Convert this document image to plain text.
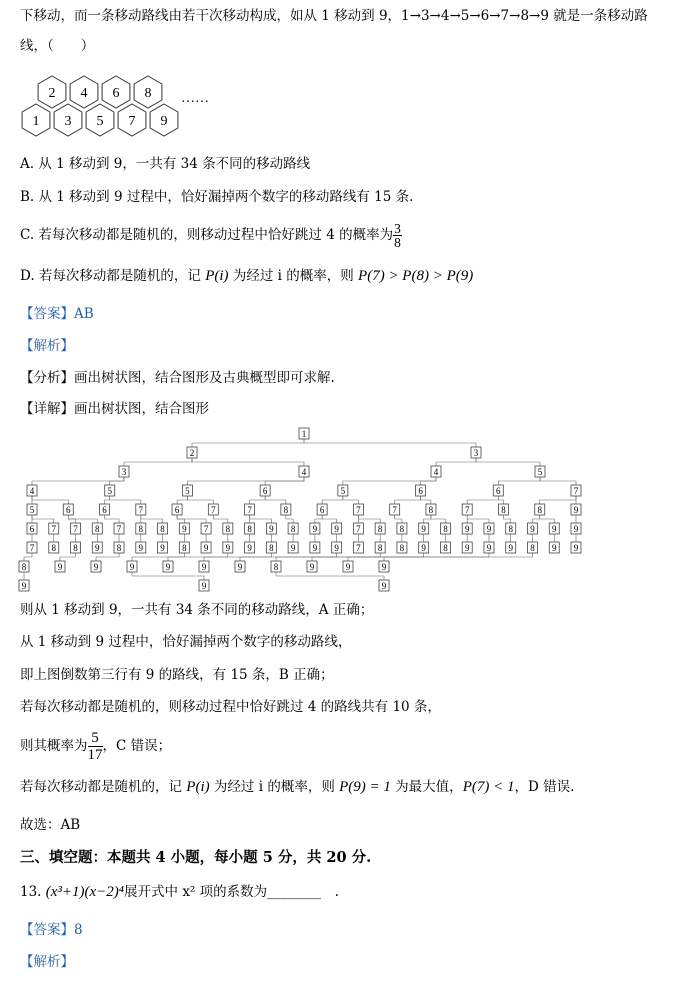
下移动，而一条移动路线由若干次移动构成，如从 1 移动到 9，1→3→4→5→6→7→8→9 就是一条移动路
线，（　　）
2 4 6 8
1 3 5 7 9
……
A. 从 1 移动到 9，一共有 34 条不同的移动路线
B. 从 1 移动到 9 过程中，恰好漏掉两个数字的移动路线有 15 条.
C. 若每次移动都是随机的，则移动过程中恰好跳过 4 的概率为 $\frac{3}{8}$
D. 若每次移动都是随机的，记 P(i) 为经过 i 的概率，则 P(7) > P(8) > P(9)
【答案】AB
【解析】
【分析】画出树状图，结合图形及古典概型即可求解.
【详解】画出树状图，结合图形
1
2	3
3	4	4	5
4	5	5	6	5	6	6	7
5	6	6	7	6	7	7	8	6	7	7	8	7	8	8	9
6 7 7 8 7 8 8 9 7 8 8 9 8 9 9 7 8 8 9 8 9 9 8 9 9 9
7 8 8 9 8 9 9 8 9 9 9 8 9 9 9 7 8 8 9 8 9 9 9 8 9 9
8	9	9	9	9	9	9	8	9	9	9
9	9	9
则从 1 移动到 9，一共有 34 条不同的移动路线，A 正确；
从 1 移动到 9 过程中，恰好漏掉两个数字的移动路线，
即上图倒数第三行有 9 的路线，有 15 条，B 正确；
若每次移动都是随机的，则移动过程中恰好跳过 4 的路线共有 10 条，
则其概率为 $\frac{5}{17}$ ，C 错误；
若每次移动都是随机的，记 P(i) 为经过 i 的概率，则 P(9) = 1 为最大值，P(7) < 1，D 错误.
故选：AB
三、填空题：本题共 4 小题，每小题 5 分，共 20 分.
13. (x³+1)(x−2)⁴展开式中 x² 项的系数为________　.
【答案】8
【解析】
